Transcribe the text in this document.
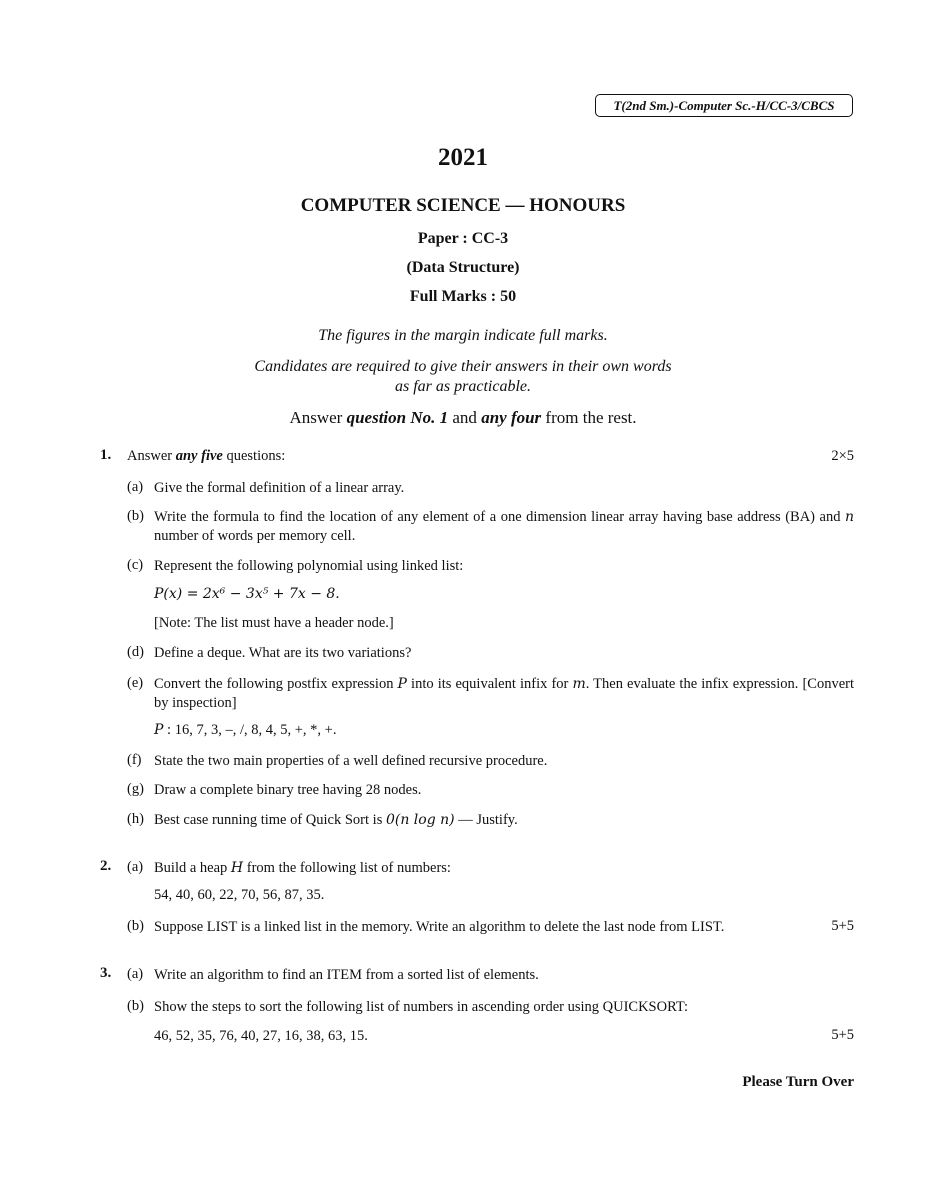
T(2nd Sm.)-Computer Sc.-H/CC-3/CBCS
2021
COMPUTER SCIENCE — HONOURS
Paper : CC-3
(Data Structure)
Full Marks : 50
The figures in the margin indicate full marks.
Candidates are required to give their answers in their own words
as far as practicable.
Answer question No. 1 and any four from the rest.
1. Answer any five questions:	2×5
(a) Give the formal definition of a linear array.
(b) Write the formula to find the location of any element of a one dimension linear array having base address (BA) and n number of words per memory cell.
(c) Represent the following polynomial using linked list:
P(x) = 2x⁶ − 3x⁵ + 7x − 8.
[Note: The list must have a header node.]
(d) Define a deque. What are its two variations?
(e) Convert the following postfix expression P into its equivalent infix for m. Then evaluate the infix expression. [Convert by inspection]
P : 16, 7, 3, –, /, 8, 4, 5, +, *, +.
(f) State the two main properties of a well defined recursive procedure.
(g) Draw a complete binary tree having 28 nodes.
(h) Best case running time of Quick Sort is 0(n log n) — Justify.
2. (a) Build a heap H from the following list of numbers:
54, 40, 60, 22, 70, 56, 87, 35.
(b) Suppose LIST is a linked list in the memory. Write an algorithm to delete the last node from LIST.	5+5
3. (a) Write an algorithm to find an ITEM from a sorted list of elements.
(b) Show the steps to sort the following list of numbers in ascending order using QUICKSORT:
46, 52, 35, 76, 40, 27, 16, 38, 63, 15.	5+5
Please Turn Over
